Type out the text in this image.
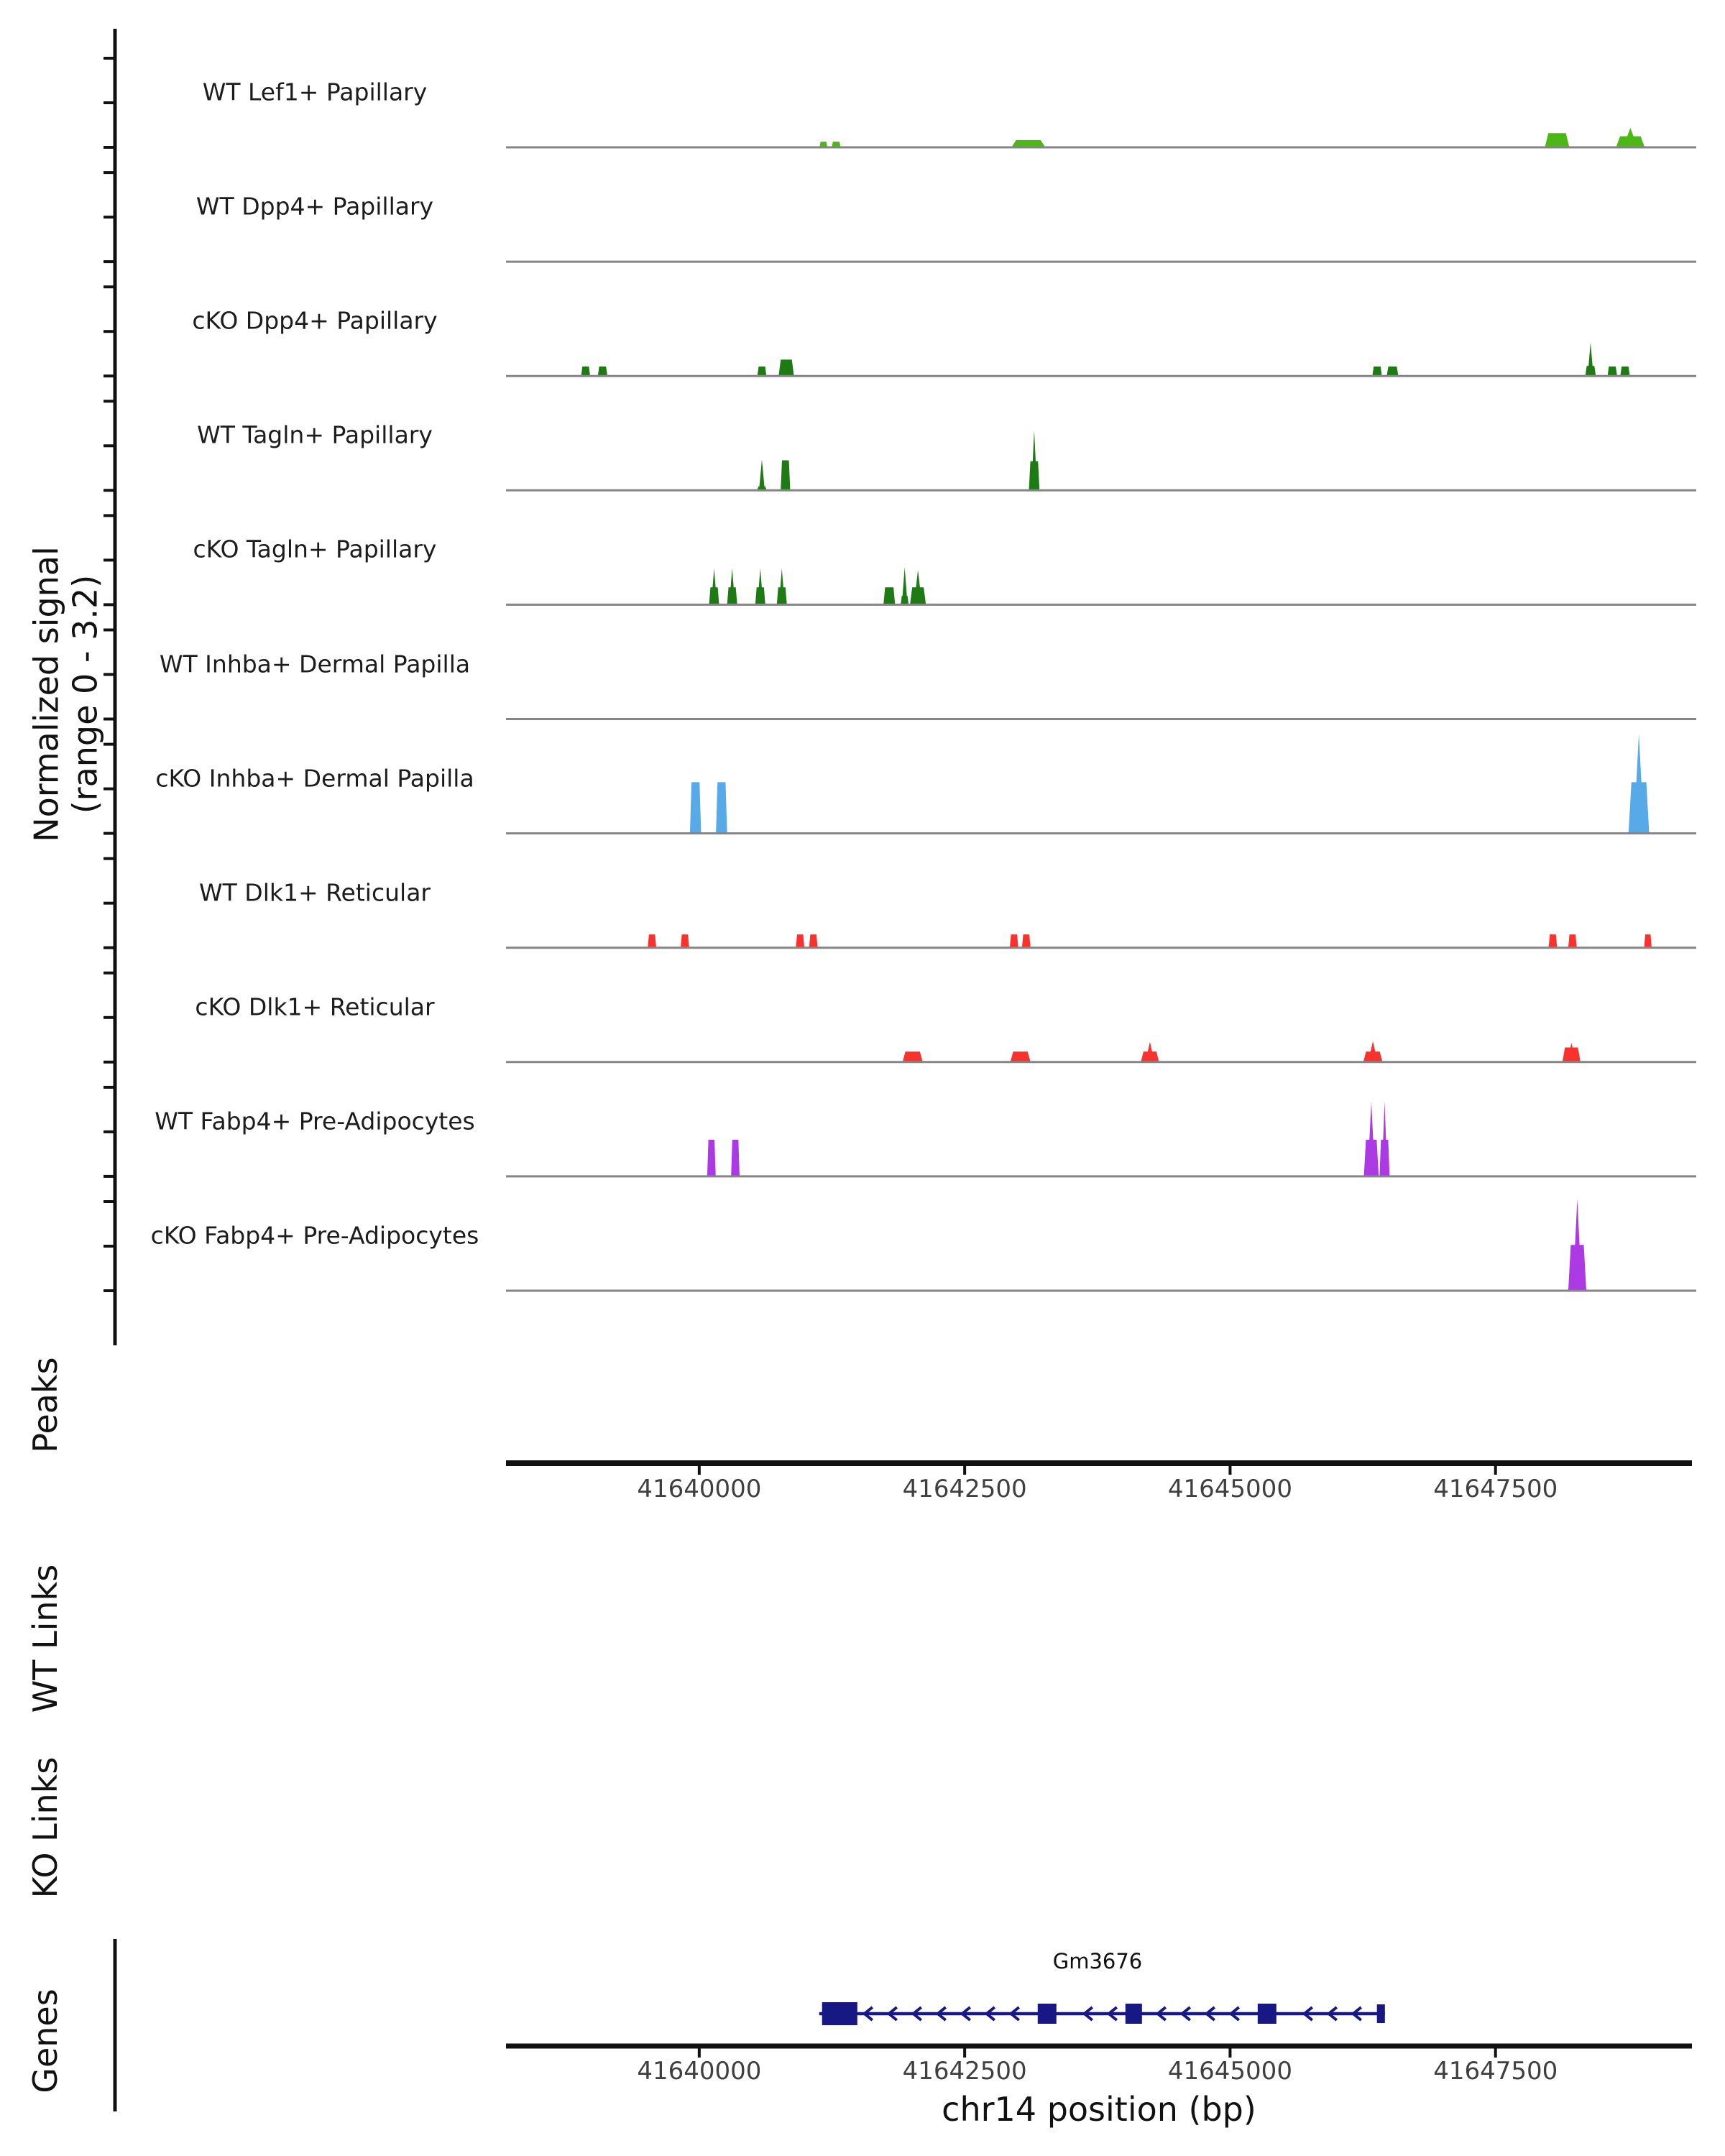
Normalized signal (range 0 - 3.2)
Peaks
WT Links
KO Links
Genes
WT Lef1+ Papillary
WT Dpp4+ Papillary
cKO Dpp4+ Papillary
WT Tagln+ Papillary
cKO Tagln+ Papillary
WT Inhba+ Dermal Papilla
cKO Inhba+ Dermal Papilla
WT Dlk1+ Reticular
cKO Dlk1+ Reticular
WT Fabp4+ Pre-Adipocytes
cKO Fabp4+ Pre-Adipocytes
41640000	41642500	41645000	41647500
41640000	41642500	41645000	41647500
Gm3676
chr14 position (bp)
